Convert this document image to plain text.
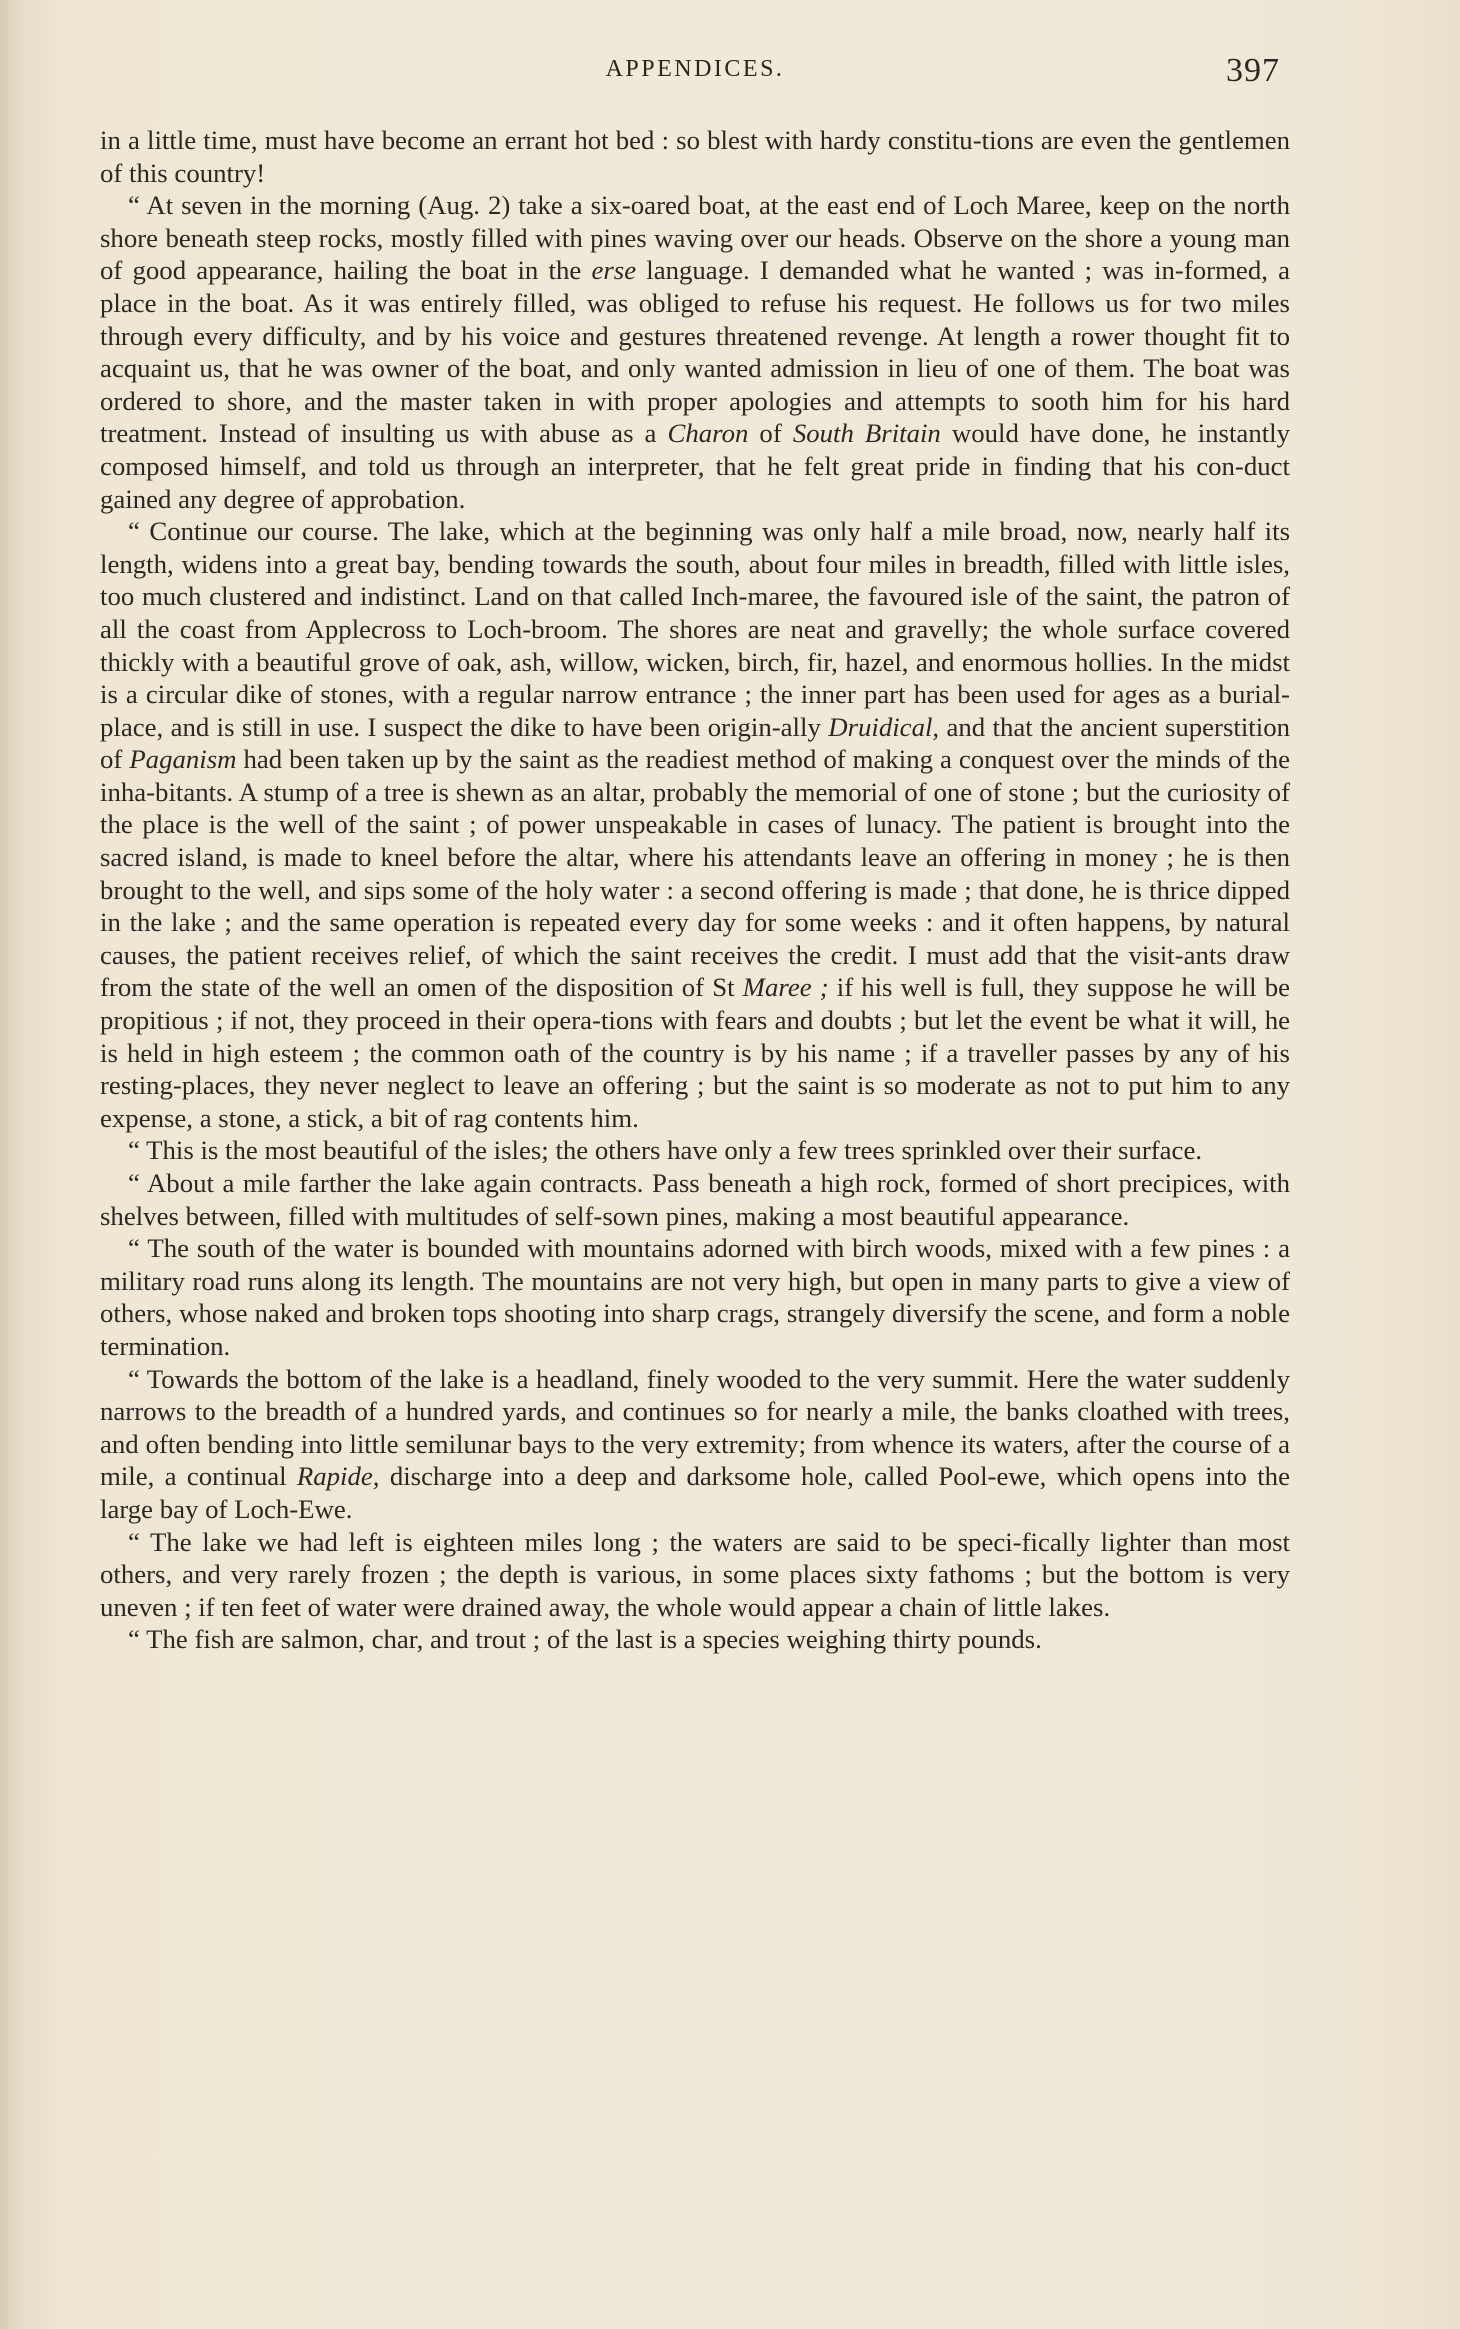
APPENDICES.	397

in a little time, must have become an errant hot bed : so blest with hardy constitu-tions are even the gentlemen of this country!

“ At seven in the morning (Aug. 2) take a six-oared boat, at the east end of Loch Maree, keep on the north shore beneath steep rocks, mostly filled with pines waving over our heads. Observe on the shore a young man of good appearance, hailing the boat in the erse language. I demanded what he wanted ; was in-formed, a place in the boat. As it was entirely filled, was obliged to refuse his request. He follows us for two miles through every difficulty, and by his voice and gestures threatened revenge. At length a rower thought fit to acquaint us, that he was owner of the boat, and only wanted admission in lieu of one of them. The boat was ordered to shore, and the master taken in with proper apologies and attempts to sooth him for his hard treatment. Instead of insulting us with abuse as a Charon of South Britain would have done, he instantly composed himself, and told us through an interpreter, that he felt great pride in finding that his con-duct gained any degree of approbation.

“ Continue our course. The lake, which at the beginning was only half a mile broad, now, nearly half its length, widens into a great bay, bending towards the south, about four miles in breadth, filled with little isles, too much clustered and indistinct. Land on that called Inch-maree, the favoured isle of the saint, the patron of all the coast from Applecross to Loch-broom. The shores are neat and gravelly; the whole surface covered thickly with a beautiful grove of oak, ash, willow, wicken, birch, fir, hazel, and enormous hollies. In the midst is a circular dike of stones, with a regular narrow entrance ; the inner part has been used for ages as a burial-place, and is still in use. I suspect the dike to have been origin-ally Druidical, and that the ancient superstition of Paganism had been taken up by the saint as the readiest method of making a conquest over the minds of the inha-bitants. A stump of a tree is shewn as an altar, probably the memorial of one of stone ; but the curiosity of the place is the well of the saint ; of power unspeakable in cases of lunacy. The patient is brought into the sacred island, is made to kneel before the altar, where his attendants leave an offering in money ; he is then brought to the well, and sips some of the holy water : a second offering is made ; that done, he is thrice dipped in the lake ; and the same operation is repeated every day for some weeks : and it often happens, by natural causes, the patient receives relief, of which the saint receives the credit. I must add that the visit-ants draw from the state of the well an omen of the disposition of St Maree ; if his well is full, they suppose he will be propitious ; if not, they proceed in their opera-tions with fears and doubts ; but let the event be what it will, he is held in high esteem ; the common oath of the country is by his name ; if a traveller passes by any of his resting-places, they never neglect to leave an offering ; but the saint is so moderate as not to put him to any expense, a stone, a stick, a bit of rag contents him.

“ This is the most beautiful of the isles; the others have only a few trees sprinkled over their surface.

“ About a mile farther the lake again contracts. Pass beneath a high rock, formed of short precipices, with shelves between, filled with multitudes of self-sown pines, making a most beautiful appearance.

“ The south of the water is bounded with mountains adorned with birch woods, mixed with a few pines : a military road runs along its length. The mountains are not very high, but open in many parts to give a view of others, whose naked and broken tops shooting into sharp crags, strangely diversify the scene, and form a noble termination.

“ Towards the bottom of the lake is a headland, finely wooded to the very summit. Here the water suddenly narrows to the breadth of a hundred yards, and continues so for nearly a mile, the banks cloathed with trees, and often bending into little semilunar bays to the very extremity; from whence its waters, after the course of a mile, a continual Rapide, discharge into a deep and darksome hole, called Pool-ewe, which opens into the large bay of Loch-Ewe.

“ The lake we had left is eighteen miles long ; the waters are said to be speci-fically lighter than most others, and very rarely frozen ; the depth is various, in some places sixty fathoms ; but the bottom is very uneven ; if ten feet of water were drained away, the whole would appear a chain of little lakes.

“ The fish are salmon, char, and trout ; of the last is a species weighing thirty pounds.
